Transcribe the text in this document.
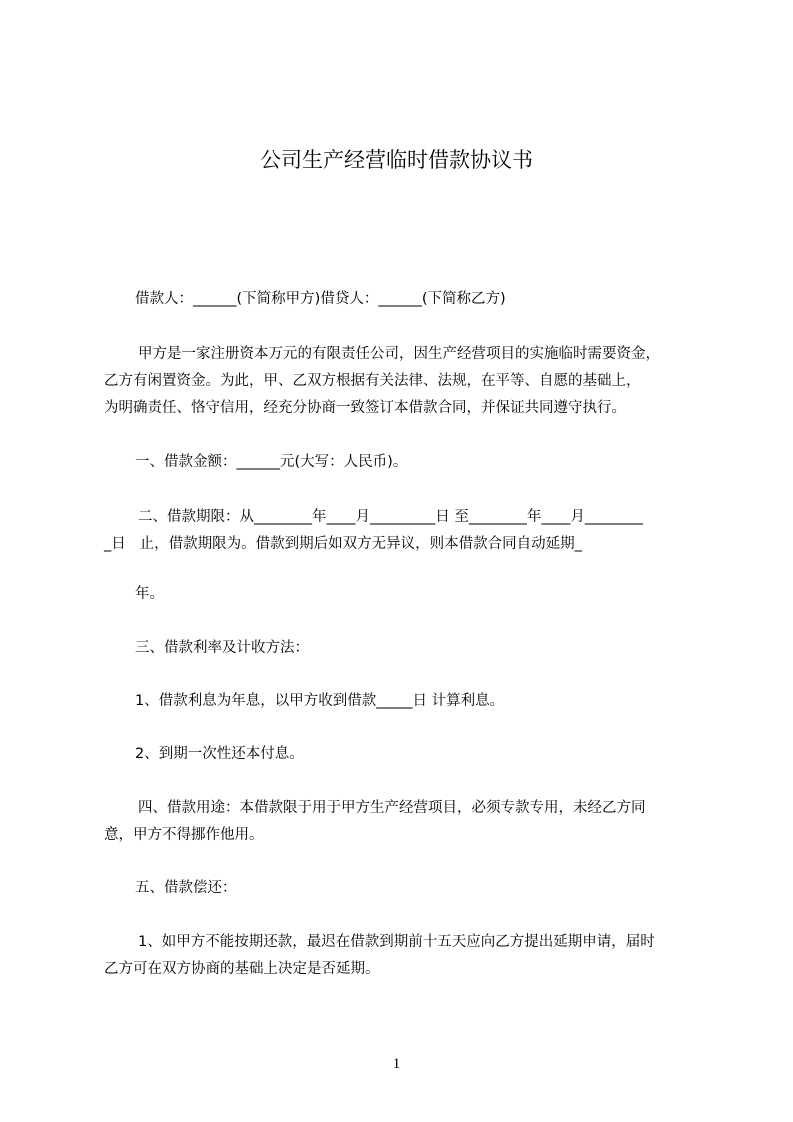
公司生产经营临时借款协议书
借款人：______(下简称甲方)借贷人：______(下简称乙方)
甲方是一家注册资本万元的有限责任公司，因生产经营项目的实施临时需要资金，
乙方有闲置资金。为此，甲、乙双方根据有关法律、法规，在平等、自愿的基础上，
为明确责任、恪守信用，经充分协商一致签订本借款合同，并保证共同遵守执行。
一、借款金额：______元(大写：人民币)。
二、借款期限：从________年____月_________日 至________年____月________
_日   止，借款期限为。借款到期后如双方无异议，则本借款合同自动延期_
年。
三、借款利率及计收方法：
1、借款利息为年息，以甲方收到借款_____日 计算利息。
2、到期一次性还本付息。
四、借款用途：本借款限于用于甲方生产经营项目，必须专款专用，未经乙方同
意，甲方不得挪作他用。
五、借款偿还：
1、如甲方不能按期还款，最迟在借款到期前十五天应向乙方提出延期申请，届时
乙方可在双方协商的基础上决定是否延期。
1
